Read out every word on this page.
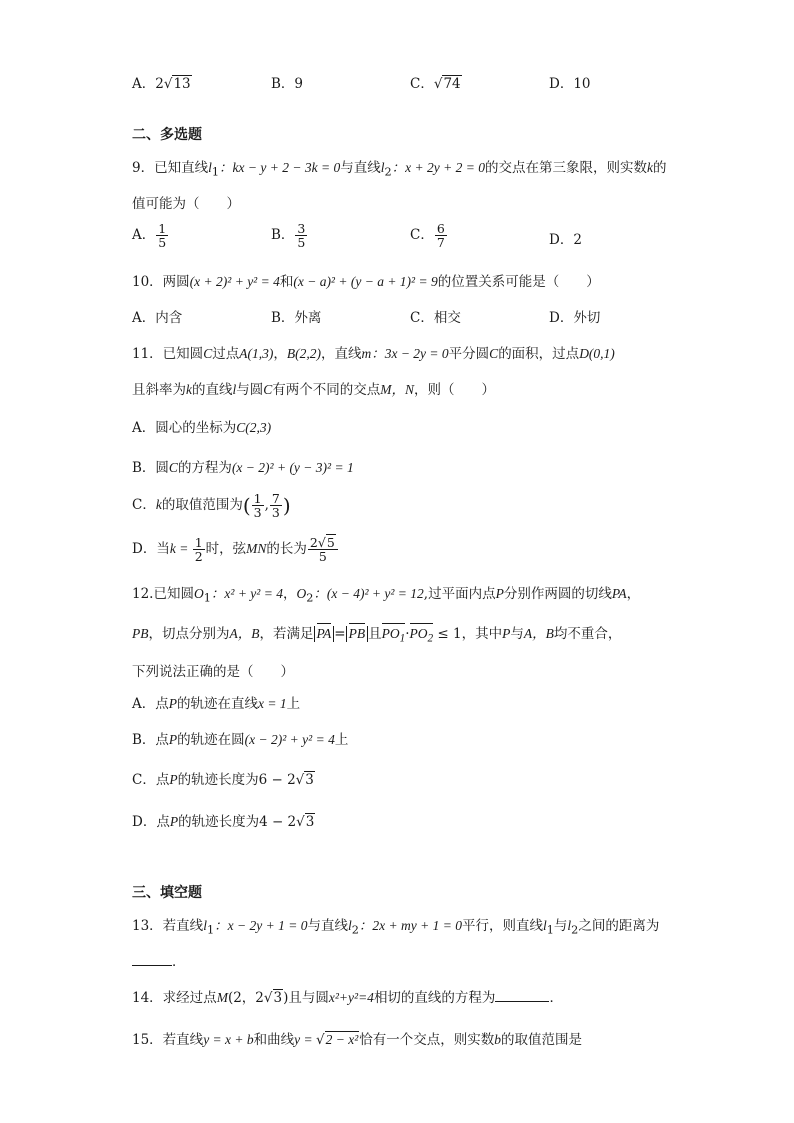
A．2√13	B．9	C．√74	D．10
二、多选题
9．已知直线$l_1$：kx − y + 2 − 3k = 0与直线$l_2$：x + 2y + 2 = 0的交点在第三象限，则实数k的
值可能为（　　）
A． $\frac{1}{5}$	B． $\frac{3}{5}$	C． $\frac{6}{7}$	D．2
10．两圆(x + 2)² + y² = 4和(x − a)² + (y − a + 1)² = 9的位置关系可能是（　　）
A．内含	B．外离	C．相交	D．外切
11．已知圆C过点A(1,3)，B(2,2)，直线m：3x − 2y = 0平分圆C的面积，过点D(0,1)
且斜率为k的直线l与圆C有两个不同的交点M，N，则（　　）
A．圆心的坐标为C(2,3)
B．圆C的方程为(x − 2)² + (y − 3)² = 1
C．k的取值范围为( $\frac{1}{3}$ , $\frac{7}{3}$ )
D．当$k = \frac{1}{2}$ 时，弦MN的长为 $\frac{2√5}{5}$
12.已知圆$O_1$：x² + y² = 4，$O_2$：(x − 4)² + y² = 12,过平面内点P分别作两圆的切线PA，
PB，切点分别为A，B，若满足 PA = PB 且$PO_1\cdot PO_2 \le 1$，其中P与A，B均不重合，
下列说法正确的是（　　）
A．点P的轨迹在直线x = 1上
B．点P的轨迹在圆(x − 2)² + y² = 4上
C．点P的轨迹长度为6 − 2√3
D．点P的轨迹长度为4 − 2√3
三、填空题
13．若直线$l_1$：x − 2y + 1 = 0与直线$l_2$：2x + my + 1 = 0平行，则直线$l_1$与$l_2$之间的距离为
．
14．求经过点M(2，2√3)且与圆x²+y²=4相切的直线的方程为	．
15．若直线y = x + b和曲线y = √2 − x²恰有一个交点，则实数b的取值范围是
